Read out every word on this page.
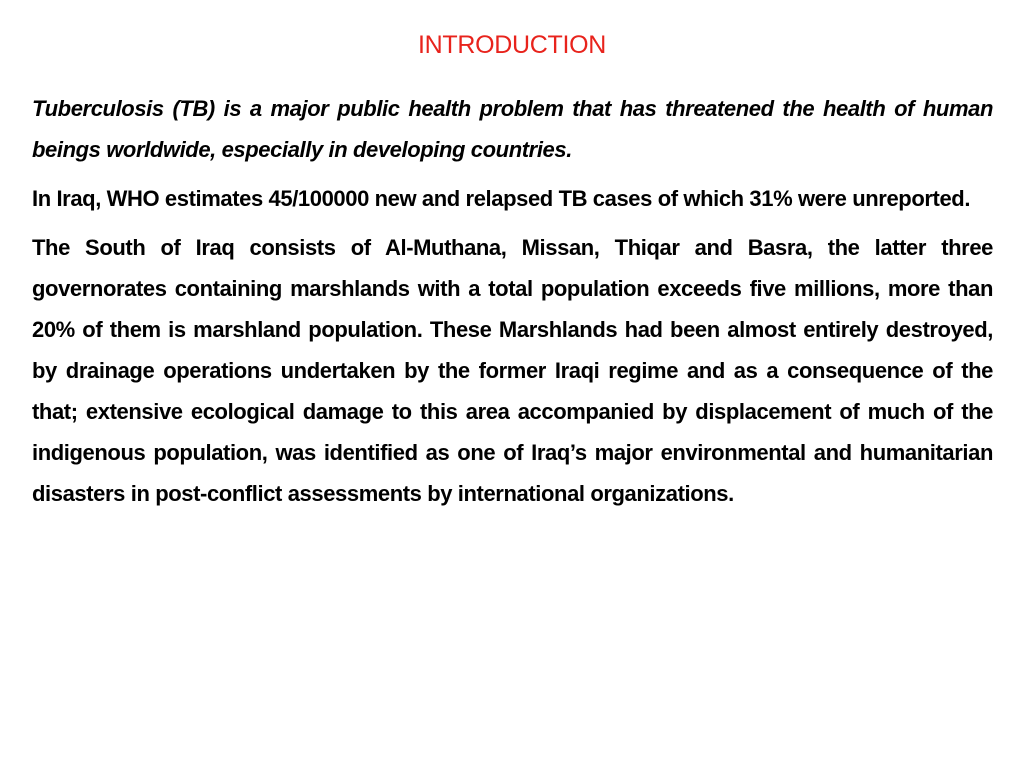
INTRODUCTION

Tuberculosis (TB) is a major public health problem that has threatened the health of human beings worldwide, especially in developing countries.

In Iraq, WHO estimates 45/100000 new and relapsed TB cases of which 31% were unreported.

The South of Iraq consists of Al-Muthana, Missan, Thiqar and Basra, the latter three governorates containing marshlands with a total population exceeds five millions, more than 20% of them is marshland population. These Marshlands had been almost entirely destroyed, by drainage operations undertaken by the former Iraqi regime and as a consequence of the that; extensive ecological damage to this area accompanied by displacement of much of the indigenous population, was identified as one of Iraq’s major environmental and humanitarian disasters in post-conflict assessments by international organizations.
